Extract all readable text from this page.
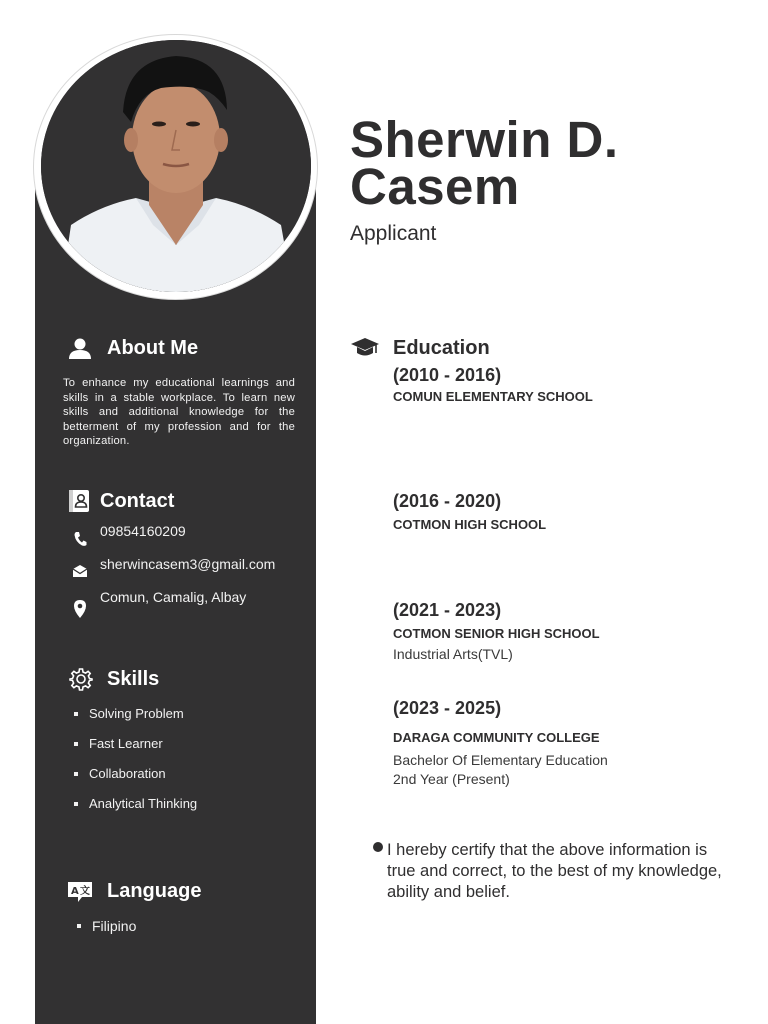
Sherwin D.
Casem
Applicant
About Me
To enhance my educational learnings and skills in a stable workplace. To learn new skills and additional knowledge for the betterment of my profession and for the organization.
Contact
09854160209
sherwincasem3@gmail.com
Comun, Camalig, Albay
Skills
Solving Problem
Fast Learner
Collaboration
Analytical Thinking
A 文 Language
Filipino
Education
(2010 - 2016)
COMUN ELEMENTARY SCHOOL
(2016 - 2020)
COTMON HIGH SCHOOL
(2021 - 2023)
COTMON SENIOR HIGH SCHOOL
Industrial Arts(TVL)
(2023 - 2025)
DARAGA COMMUNITY COLLEGE
Bachelor Of Elementary Education
2nd Year (Present)
I hereby certify that the above information is true and correct, to the best of my knowledge, ability and belief.
